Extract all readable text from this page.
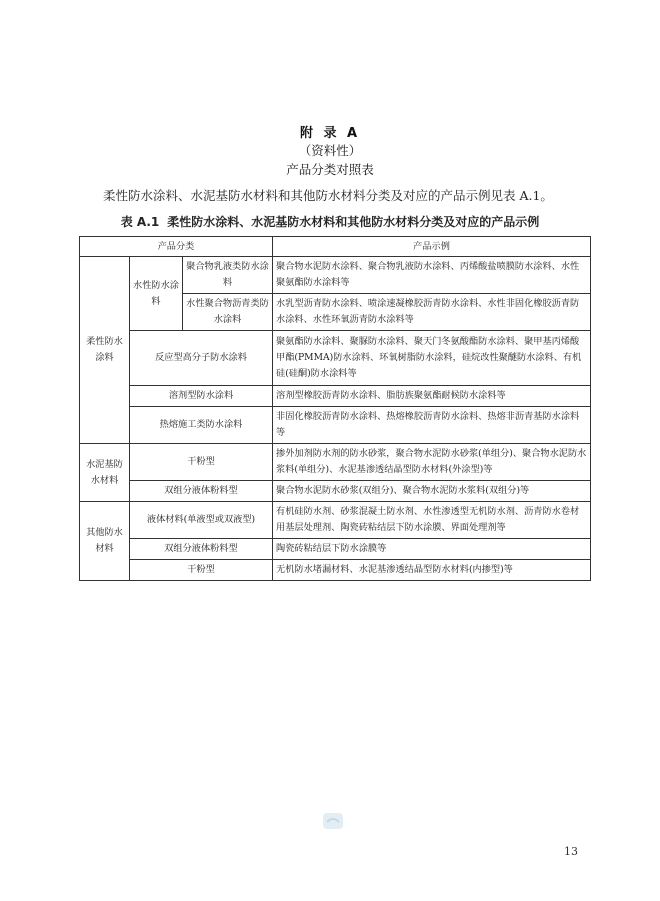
附 录 A
（资料性）
产品分类对照表
柔性防水涂料、水泥基防水材料和其他防水材料分类及对应的产品示例见表 A.1。
表 A.1 柔性防水涂料、水泥基防水材料和其他防水材料分类及对应的产品示例
产品分类			产品示例
柔性防水涂料	水性防水涂料	聚合物乳液类防水涂料	聚合物水泥防水涂料、聚合物乳液防水涂料、丙烯酸盐喷膜防水涂料、水性聚氨酯防水涂料等
		水性聚合物沥青类防水涂料	水乳型沥青防水涂料、喷涂速凝橡胶沥青防水涂料、水性非固化橡胶沥青防水涂料、水性环氧沥青防水涂料等
	反应型高分子防水涂料		聚氨酯防水涂料、聚脲防水涂料、聚天门冬氨酸酯防水涂料、聚甲基丙烯酸甲酯(PMMA)防水涂料、环氧树脂防水涂料，硅烷改性聚醚防水涂料、有机硅(硅酮)防水涂料等
	溶剂型防水涂料		溶剂型橡胶沥青防水涂料、脂肪族聚氨酯耐候防水涂料等
	热熔施工类防水涂料		非固化橡胶沥青防水涂料、热熔橡胶沥青防水涂料、热熔非沥青基防水涂料等
水泥基防水材料	干粉型		掺外加剂防水剂的防水砂浆，聚合物水泥防水砂浆(单组分)、聚合物水泥防水浆料(单组分)、水泥基渗透结晶型防水材料(外涂型)等
	双组分液体粉料型		聚合物水泥防水砂浆(双组分)、聚合物水泥防水浆料(双组分)等
其他防水材料	液体材料(单液型或双液型)		有机硅防水剂、砂浆混凝土防水剂、水性渗透型无机防水剂、沥青防水卷材用基层处理剂、陶瓷砖粘结层下防水涂膜、界面处理剂等
	双组分液体粉料型		陶瓷砖粘结层下防水涂膜等
	干粉型		无机防水堵漏材料、水泥基渗透结晶型防水材料(内掺型)等
13
